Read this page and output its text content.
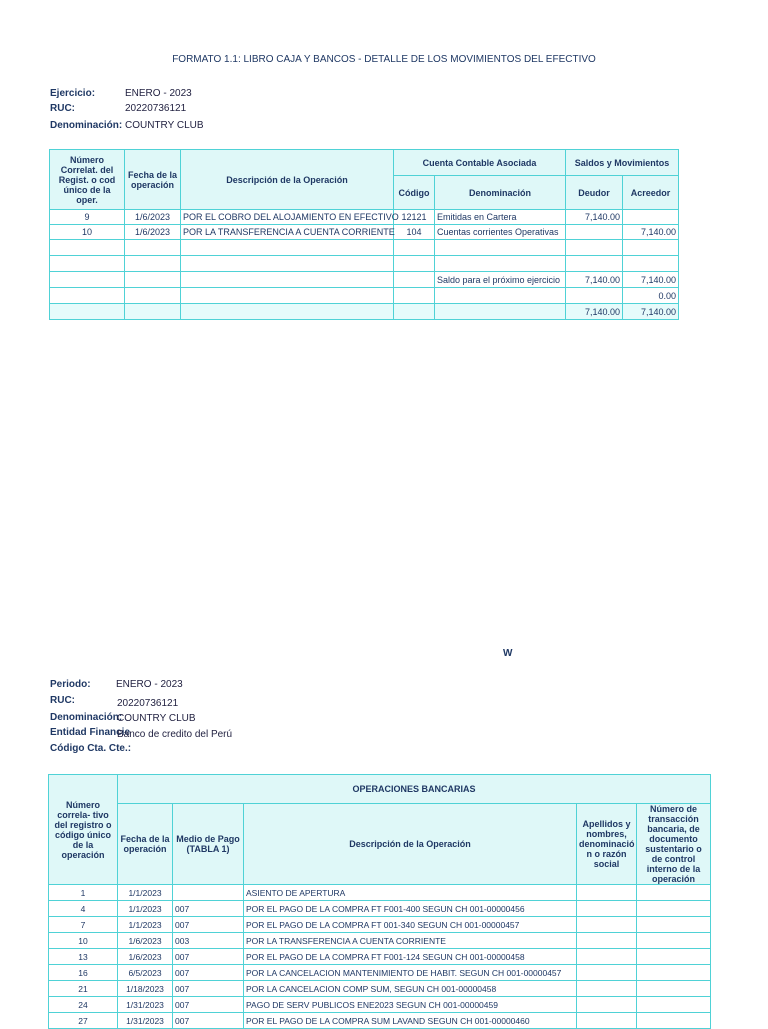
FORMATO 1.1: LIBRO CAJA Y BANCOS - DETALLE DE LOS MOVIMIENTOS DEL EFECTIVO
Ejercicio:	ENERO - 2023
RUC:	20220736121
Denominación: COUNTRY CLUB
Número Correlat. del Regist. o cod único de la oper.	Fecha de la operación	Descripción de la Operación	Cuenta Contable Asociada		Saldos y Movimientos	
			Código	Denominación	Deudor	Acreedor
9	1/6/2023	POR EL COBRO DEL ALOJAMIENTO EN EFECTIVO	12121	Emitidas en Cartera	7,140.00	
10	1/6/2023	POR LA TRANSFERENCIA A CUENTA CORRIENTE	104	Cuentas corrientes Operativas		7,140.00

				Saldo para el próximo ejercicio	7,140.00	7,140.00
						0.00
					7,140.00	7,140.00
W
Periodo:	ENERO - 2023
RUC:	20220736121
Denominación:
COUNTRY CLUB
Entidad Financie
Banco de credito del Perú
Código Cta. Cte.:
Número correla- tivo del registro o código único de la operación	OPERACIONES BANCARIAS				
	Fecha de la operación	Medio de Pago (TABLA 1)	Descripción de la Operación	Apellidos y nombres, denominació n o razón social	Número de transacción bancaria, de documento sustentario o de control interno de la operación
1	1/1/2023		ASIENTO DE APERTURA		
4	1/1/2023	007	POR EL PAGO DE LA COMPRA FT F001-400 SEGUN CH 001-00000456		
7	1/1/2023	007	POR EL PAGO DE LA COMPRA FT 001-340 SEGUN CH 001-00000457		
10	1/6/2023	003	POR LA TRANSFERENCIA A CUENTA CORRIENTE		
13	1/6/2023	007	POR EL PAGO DE LA COMPRA FT F001-124 SEGUN CH 001-00000458		
16	6/5/2023	007	POR LA CANCELACION MANTENIMIENTO DE HABIT. SEGUN CH 001-00000457		
21	1/18/2023	007	POR LA CANCELACION COMP SUM, SEGUN CH 001-00000458		
24	1/31/2023	007	PAGO DE SERV PUBLICOS ENE2023 SEGUN CH 001-00000459		
27	1/31/2023	007	POR EL PAGO DE LA COMPRA SUM LAVAND SEGUN CH 001-00000460		
